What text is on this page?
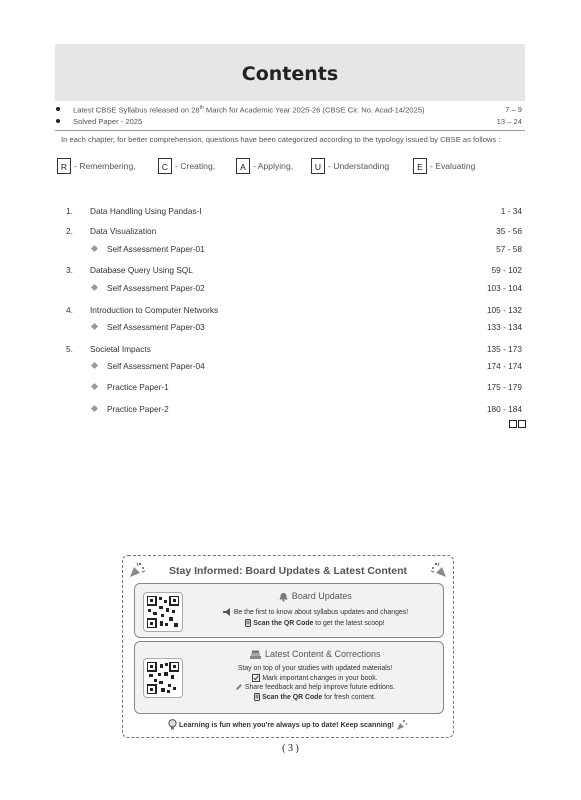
Contents
Latest CBSE Syllabus released on 28th March for Academic Year 2025-26 (CBSE Cir. No. Acad-14/2025)	7 – 9
Solved Paper - 2025	13 – 24
In each chapter, for better comprehension, questions have been categorized according to the typology issued by CBSE as follows :
R - Remembering,	C - Creating,	A - Applying,	U - Understanding	E - Evaluating
1. Data Handling Using Pandas-I	1 - 34
2. Data Visualization	35 - 56
Self Assessment Paper-01	57 - 58
3. Database Query Using SQL	59 - 102
Self Assessment Paper-02	103 - 104
4. Introduction to Computer Networks	105 - 132
Self Assessment Paper-03	133 - 134
5. Societal Impacts	135 - 173
Self Assessment Paper-04	174 - 174
Practice Paper-1	175 - 179
Practice Paper-2	180 - 184
Stay Informed: Board Updates & Latest Content
Board Updates
Be the first to know about syllabus updates and changes!
Scan the QR Code to get the latest scoop!
Latest Content & Corrections
Stay on top of your studies with updated materials!
Mark important changes in your book.
Share feedback and help improve future editions.
Scan the QR Code for fresh content.
Learning is fun when you're always up to date! Keep scanning!
( 3 )
